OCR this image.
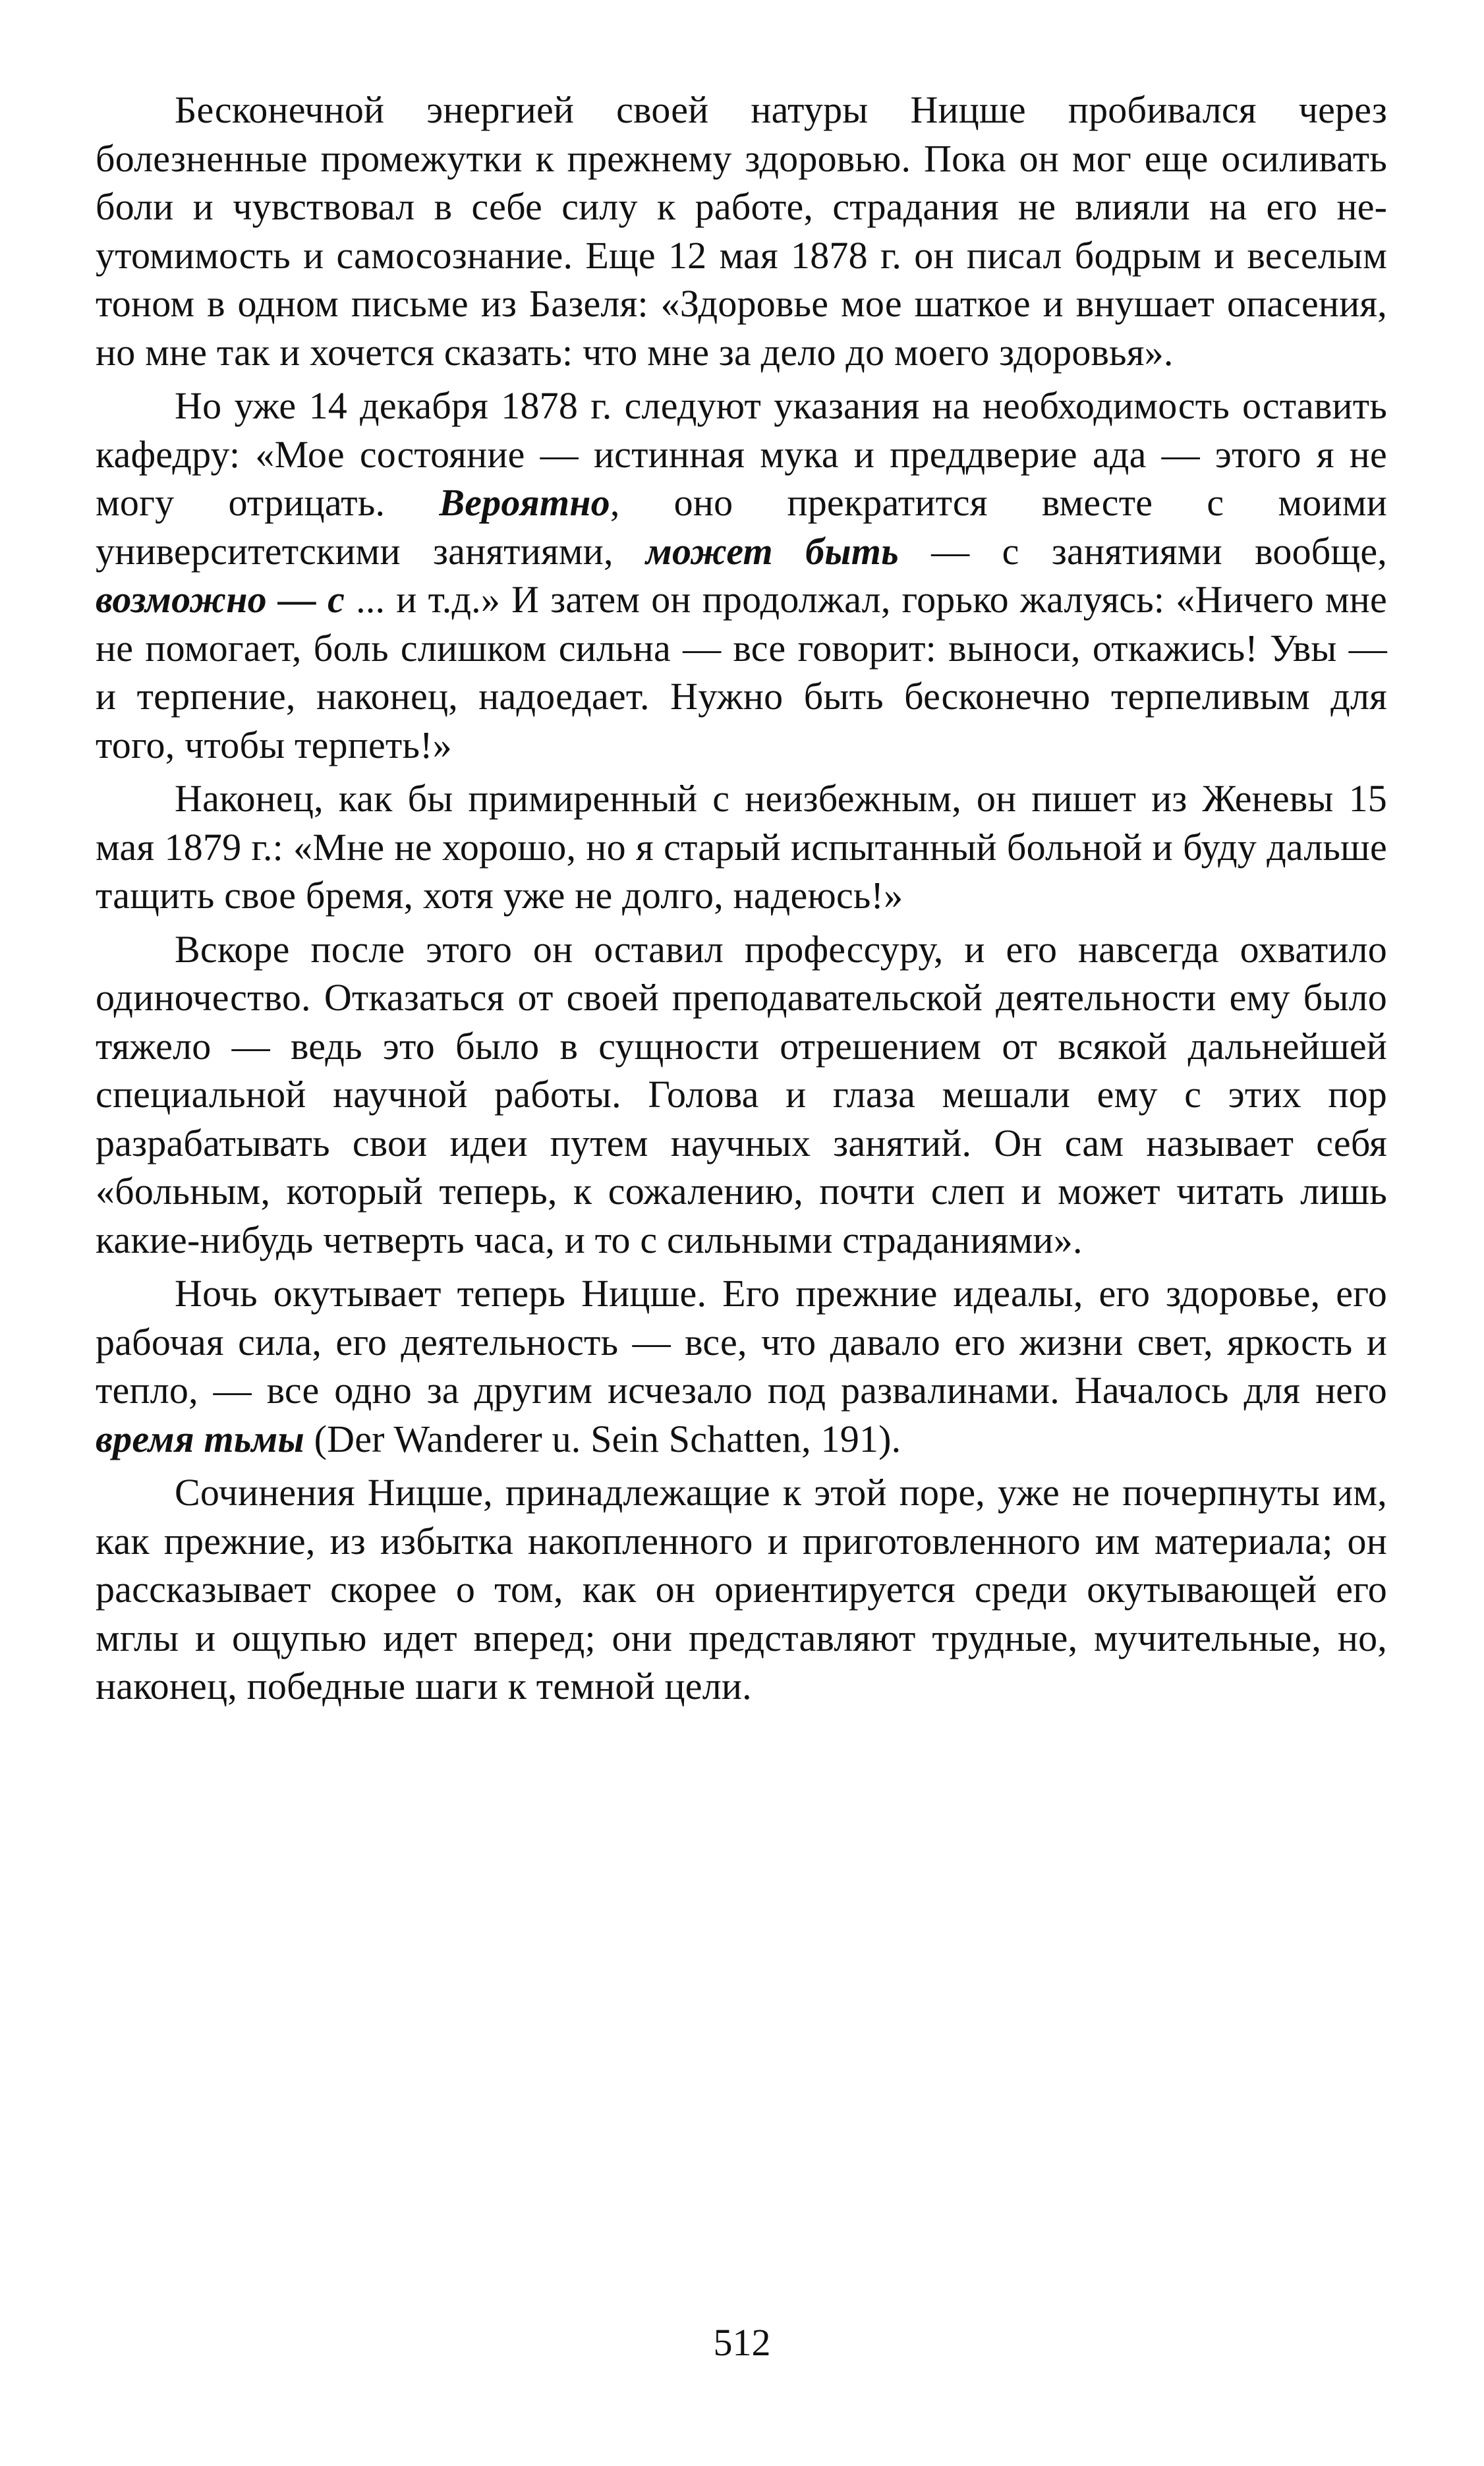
Бесконечной энергией своей натуры Ницше пробивался через болезненные промежутки к прежнему здоровью. Пока он мог еще осиливать боли и чувствовал в себе силу к работе, страдания не влияли на его неутомимость и самосознание. Еще 12 мая 1878 г. он писал бодрым и веселым тоном в одном письме из Базеля: «Здоровье мое шаткое и внушает опасения, но мне так и хочется сказать: что мне за дело до моего здоровья».

Но уже 14 декабря 1878 г. следуют указания на необходимость оставить кафедру: «Мое состояние — истинная мука и преддверие ада — этого я не могу отрицать. Вероятно, оно прекратится вместе с моими университетскими занятиями, может быть — с занятиями вообще, возможно — с ... и т.д.» И затем он продолжал, горько жалуясь: «Ничего мне не помогает, боль слишком сильна — все говорит: выноси, откажись! Увы — и терпение, наконец, надоедает. Нужно быть бесконечно терпеливым для того, чтобы терпеть!»

Наконец, как бы примиренный с неизбежным, он пишет из Женевы 15 мая 1879 г.: «Мне не хорошо, но я старый испытанный больной и буду дальше тащить свое бремя, хотя уже не долго, надеюсь!»

Вскоре после этого он оставил профессуру, и его навсегда охватило одиночество. Отказаться от своей преподавательской деятельности ему было тяжело — ведь это было в сущности отрешением от всякой дальнейшей специальной научной работы. Голова и глаза мешали ему с этих пор разрабатывать свои идеи путем научных занятий. Он сам называет себя «больным, который теперь, к сожалению, почти слеп и может читать лишь какие-нибудь четверть часа, и то с сильными страданиями».

Ночь окутывает теперь Ницше. Его прежние идеалы, его здоровье, его рабочая сила, его деятельность — все, что давало его жизни свет, яркость и тепло, — все одно за другим исчезало под развалинами. Началось для него время тьмы (Der Wanderer u. Sein Schatten, 191).

Сочинения Ницше, принадлежащие к этой поре, уже не почерпнуты им, как прежние, из избытка накопленного и приготовленного им материала; он рассказывает скорее о том, как он ориентируется среди окутывающей его мглы и ощупью идет вперед; они представляют трудные, мучительные, но, наконец, победные шаги к темной цели.

512
